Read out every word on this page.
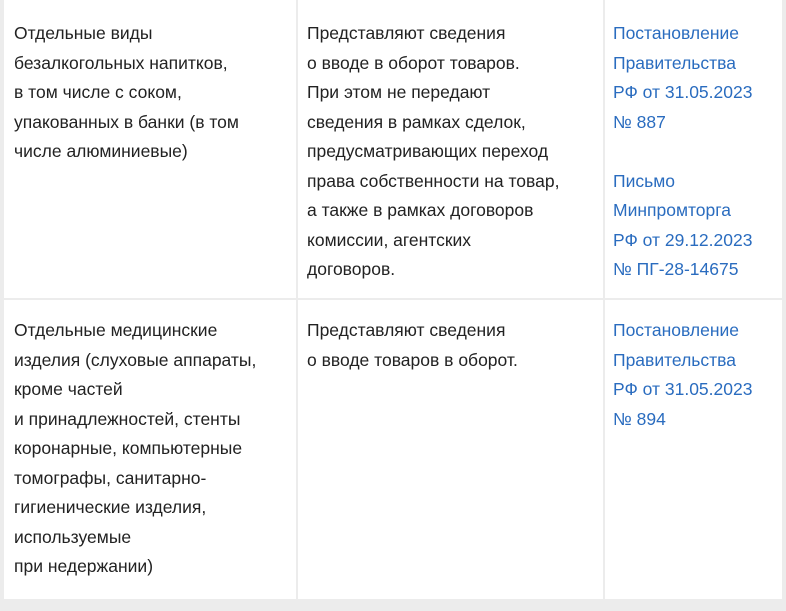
Отдельные виды
безалкогольных напитков,
в том числе с соком,
упакованных в банки (в том
числе алюминиевые)
Представляют сведения
о вводе в оборот товаров.
При этом не передают
сведения в рамках сделок,
предусматривающих переход
права собственности на товар,
а также в рамках договоров
комиссии, агентских
договоров.
Постановление
Правительства
РФ от 31.05.2023
№ 887
Письмо
Минпромторга
РФ от 29.12.2023
№ ПГ-28-14675
Отдельные медицинские
изделия (слуховые аппараты,
кроме частей
и принадлежностей, стенты
коронарные, компьютерные
томографы, санитарно-
гигиенические изделия,
используемые
при недержании)
Представляют сведения
о вводе товаров в оборот.
Постановление
Правительства
РФ от 31.05.2023
№ 894
